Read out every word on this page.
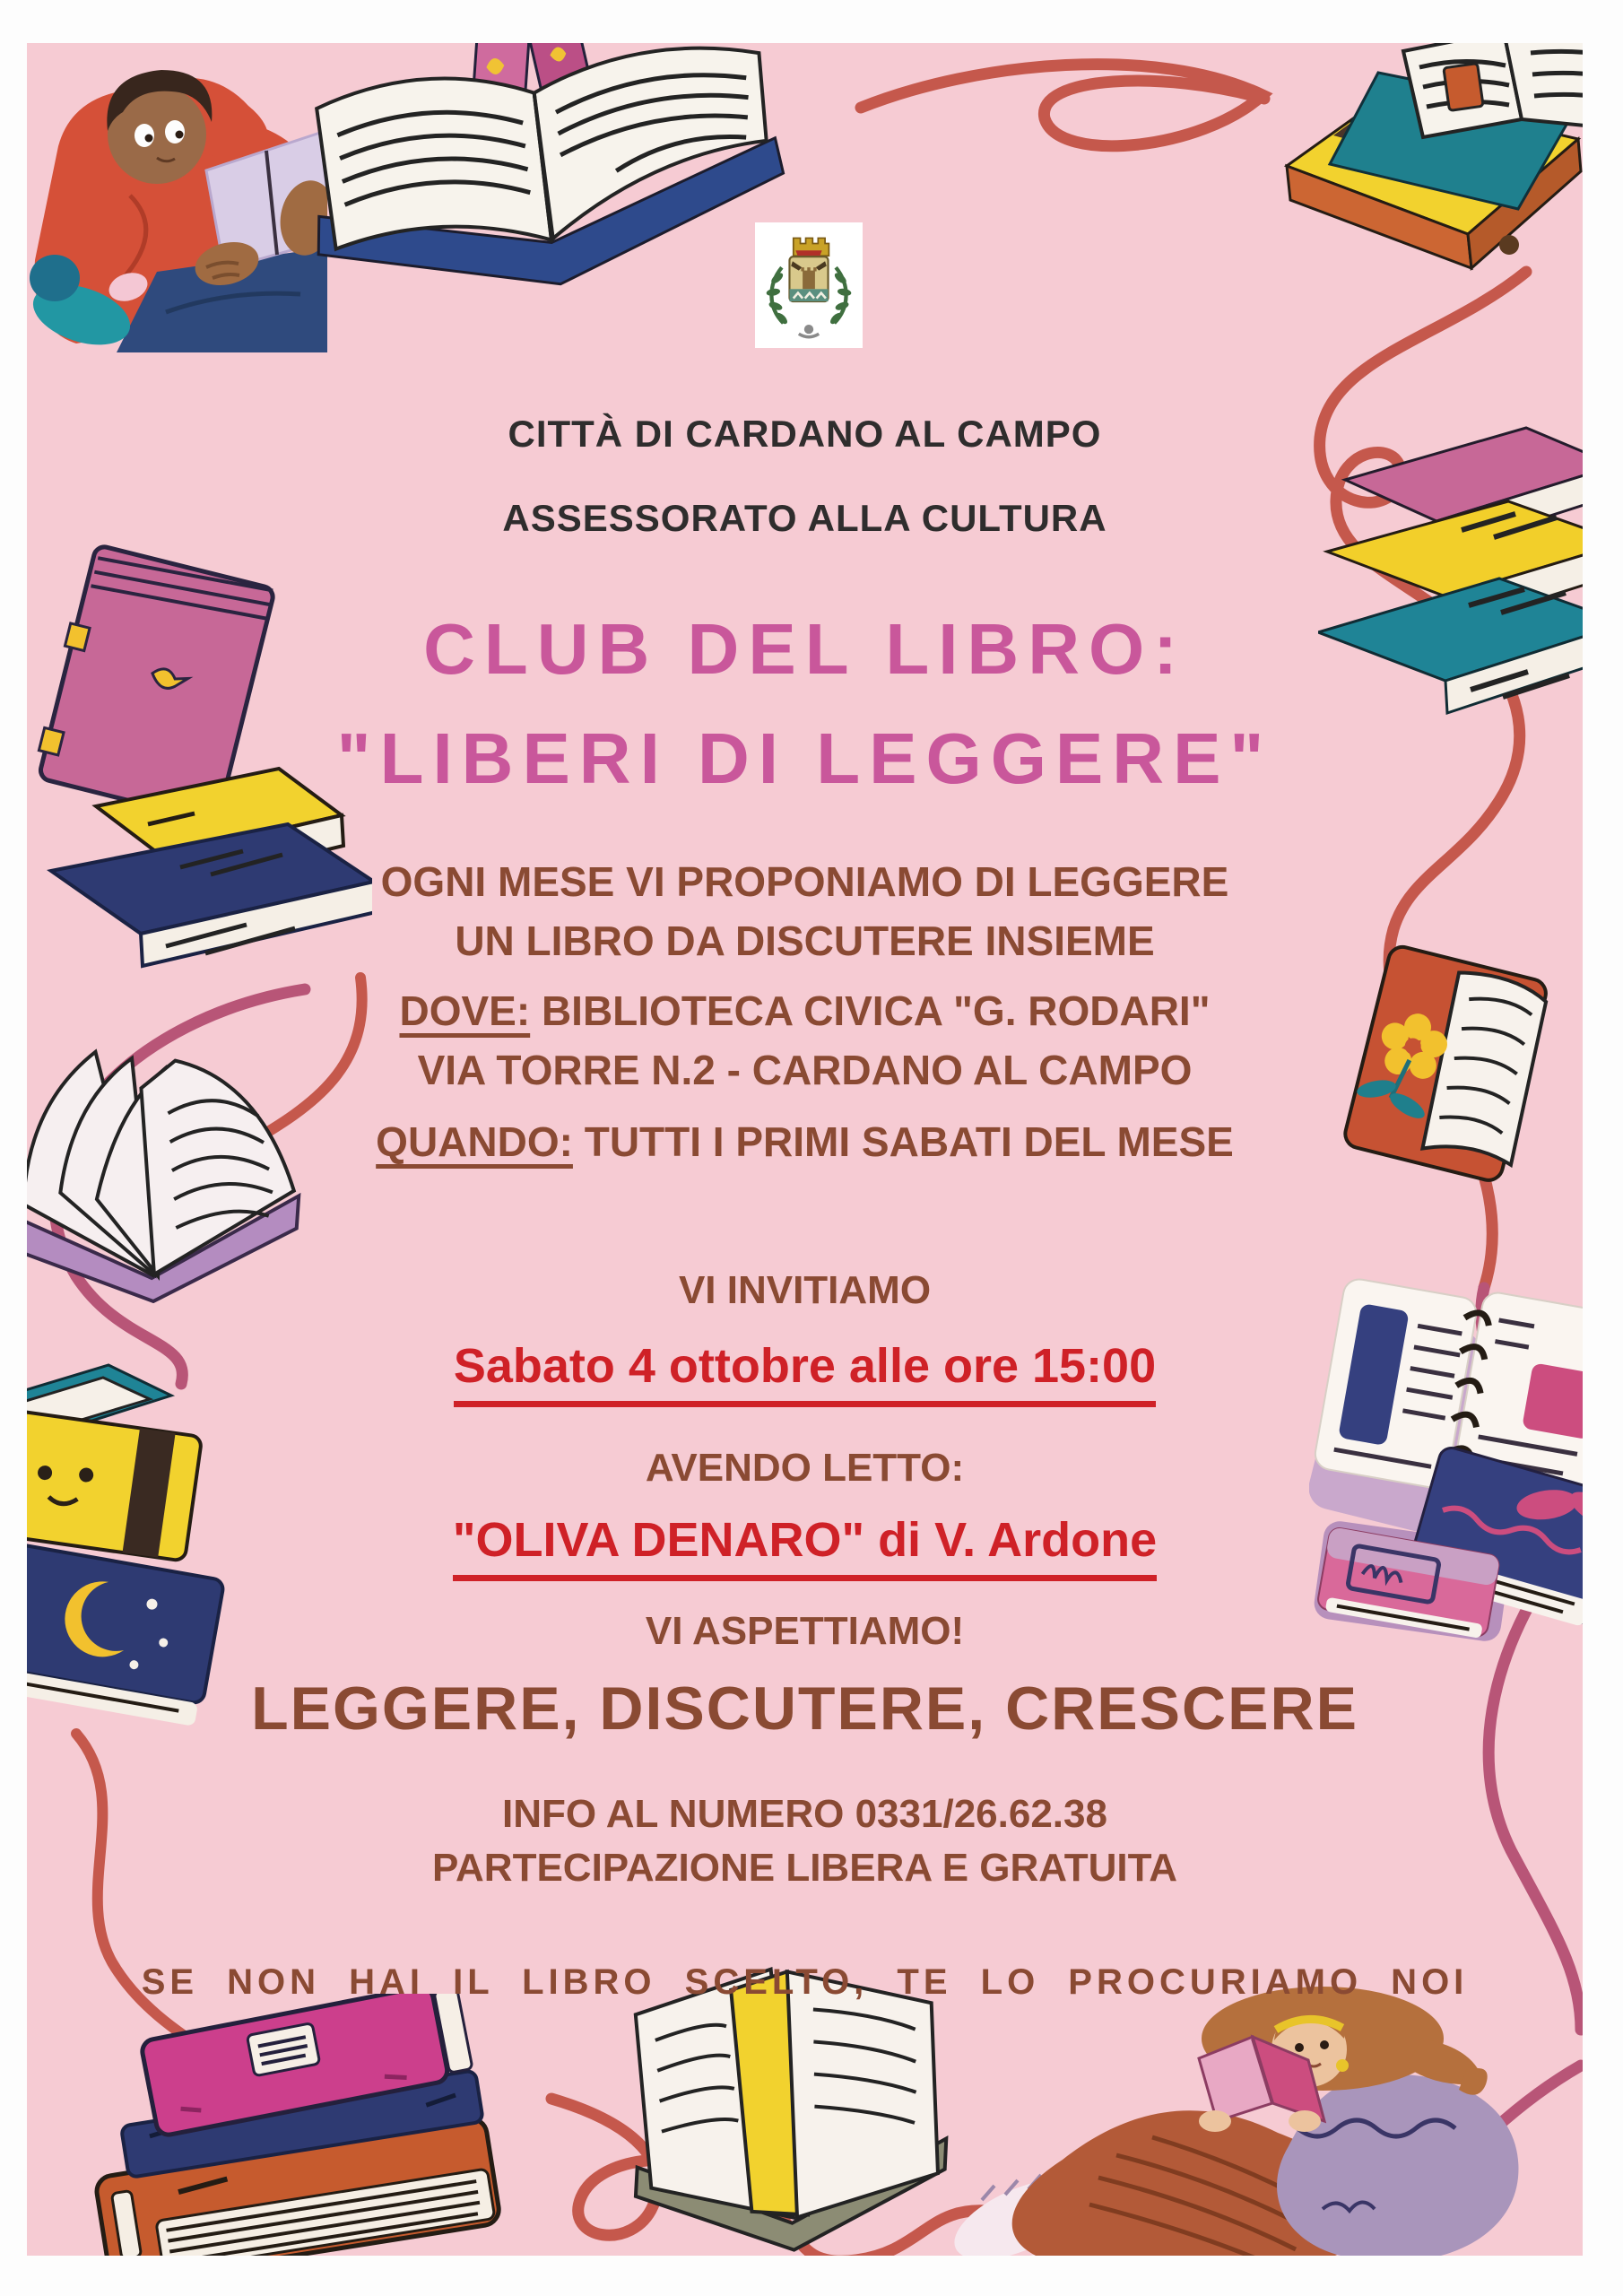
CITTÀ DI CARDANO AL CAMPO
ASSESSORATO ALLA CULTURA
CLUB DEL LIBRO:
"LIBERI DI LEGGERE"
OGNI MESE VI PROPONIAMO DI LEGGERE
UN LIBRO DA DISCUTERE INSIEME
DOVE: BIBLIOTECA CIVICA "G. RODARI"
VIA TORRE N.2 - CARDANO AL CAMPO
QUANDO: TUTTI I PRIMI SABATI DEL MESE
VI INVITIAMO
Sabato 4 ottobre alle ore 15:00
AVENDO LETTO:
"OLIVA DENARO" di V. Ardone
VI ASPETTIAMO!
LEGGERE, DISCUTERE, CRESCERE
INFO AL NUMERO 0331/26.62.38
PARTECIPAZIONE LIBERA E GRATUITA
SE NON HAI IL LIBRO SCELTO, TE LO PROCURIAMO NOI
